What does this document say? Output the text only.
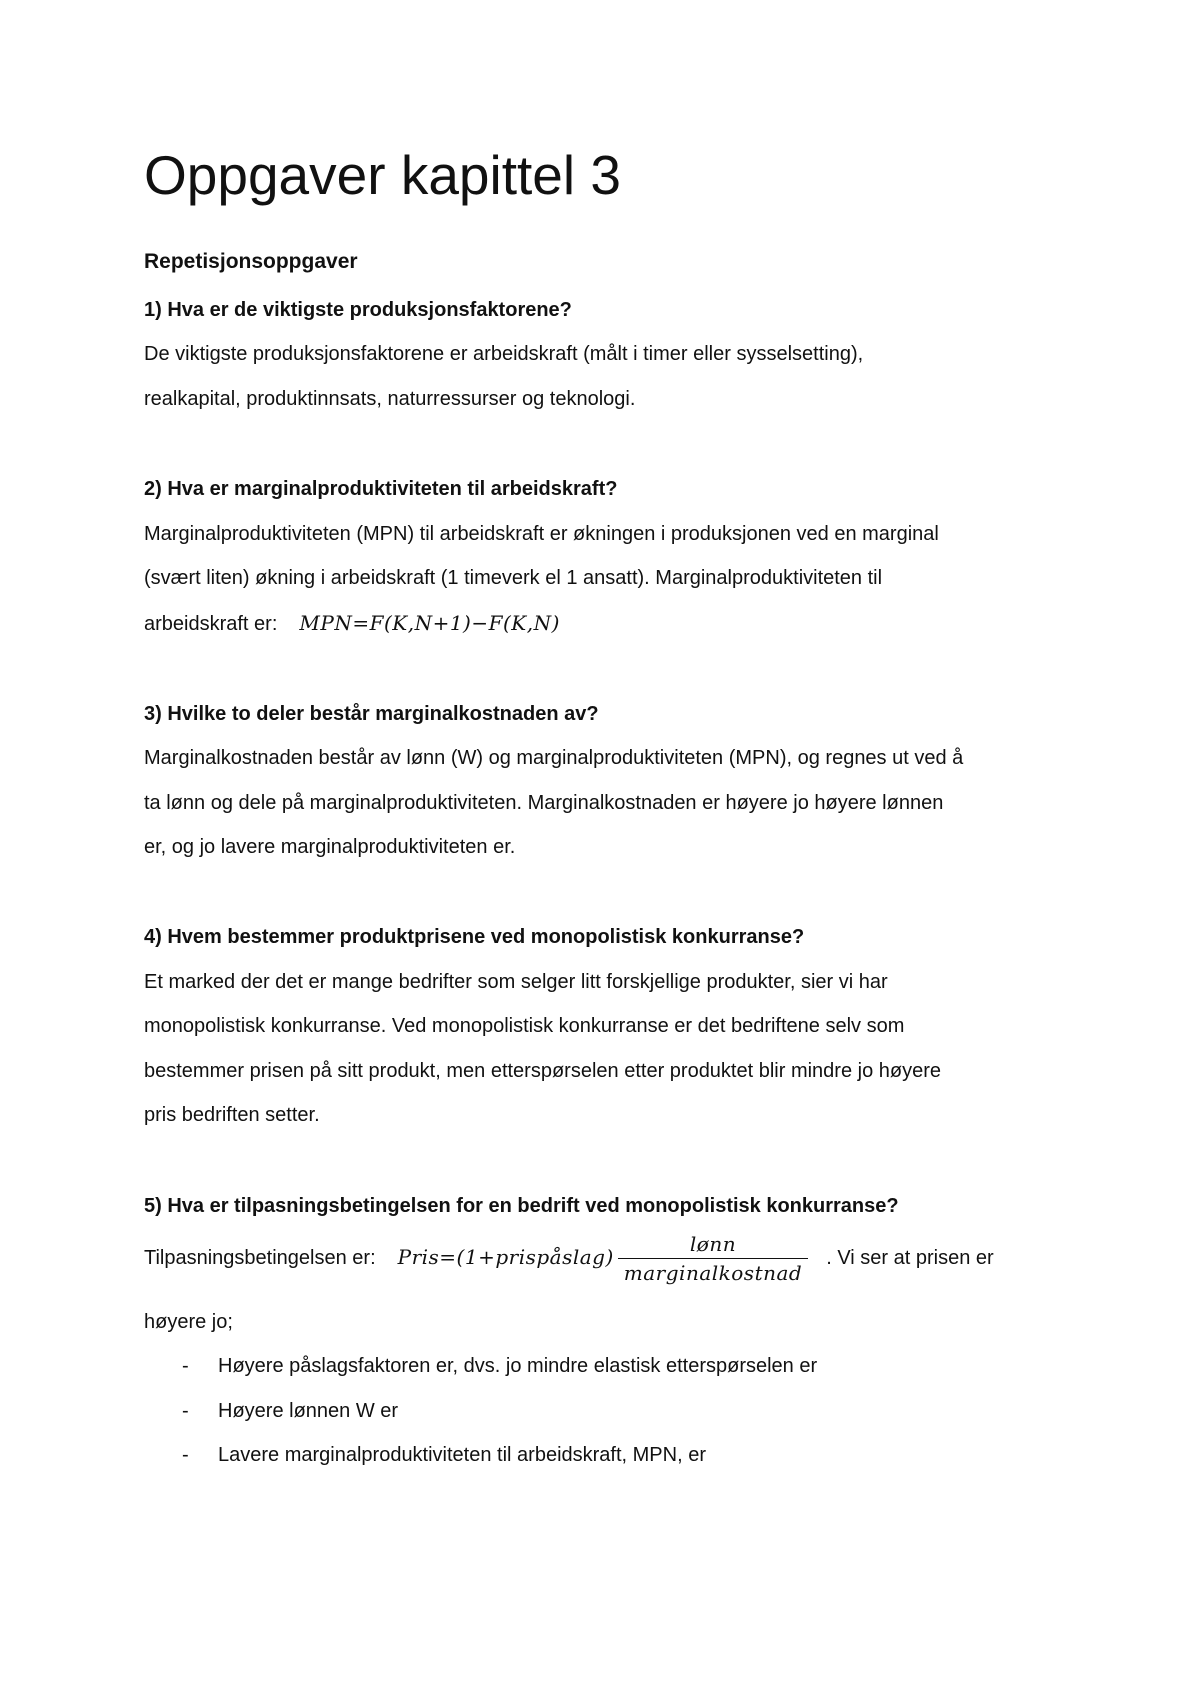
Oppgaver kapittel 3

Repetisjonsoppgaver

1) Hva er de viktigste produksjonsfaktorene?

De viktigste produksjonsfaktorene er arbeidskraft (målt i timer eller sysselsetting),

realkapital, produktinnsats, naturressurser og teknologi.

2) Hva er marginalproduktiviteten til arbeidskraft?

Marginalproduktiviteten (MPN) til arbeidskraft er økningen i produksjonen ved en marginal

(svært liten) økning i arbeidskraft (1 timeverk el 1 ansatt). Marginalproduktiviteten til

arbeidskraft er: MPN=F(K,N+1)−F(K,N)

3) Hvilke to deler består marginalkostnaden av?

Marginalkostnaden består av lønn (W) og marginalproduktiviteten (MPN), og regnes ut ved å

ta lønn og dele på marginalproduktiviteten. Marginalkostnaden er høyere jo høyere lønnen

er, og jo lavere marginalproduktiviteten er.

4) Hvem bestemmer produktprisene ved monopolistisk konkurranse?

Et marked der det er mange bedrifter som selger litt forskjellige produkter, sier vi har

monopolistisk konkurranse. Ved monopolistisk konkurranse er det bedriftene selv som

bestemmer prisen på sitt produkt, men etterspørselen etter produktet blir mindre jo høyere

pris bedriften setter.

5) Hva er tilpasningsbetingelsen for en bedrift ved monopolistisk konkurranse?

Tilpasningsbetingelsen er: Pris=(1+prispåslag) $\frac{\text{lønn}}{\text{marginalkostnad}}$ . Vi ser at prisen er

høyere jo;

- Høyere påslagsfaktoren er, dvs. jo mindre elastisk etterspørselen er

- Høyere lønnen W er

- Lavere marginalproduktiviteten til arbeidskraft, MPN, er
